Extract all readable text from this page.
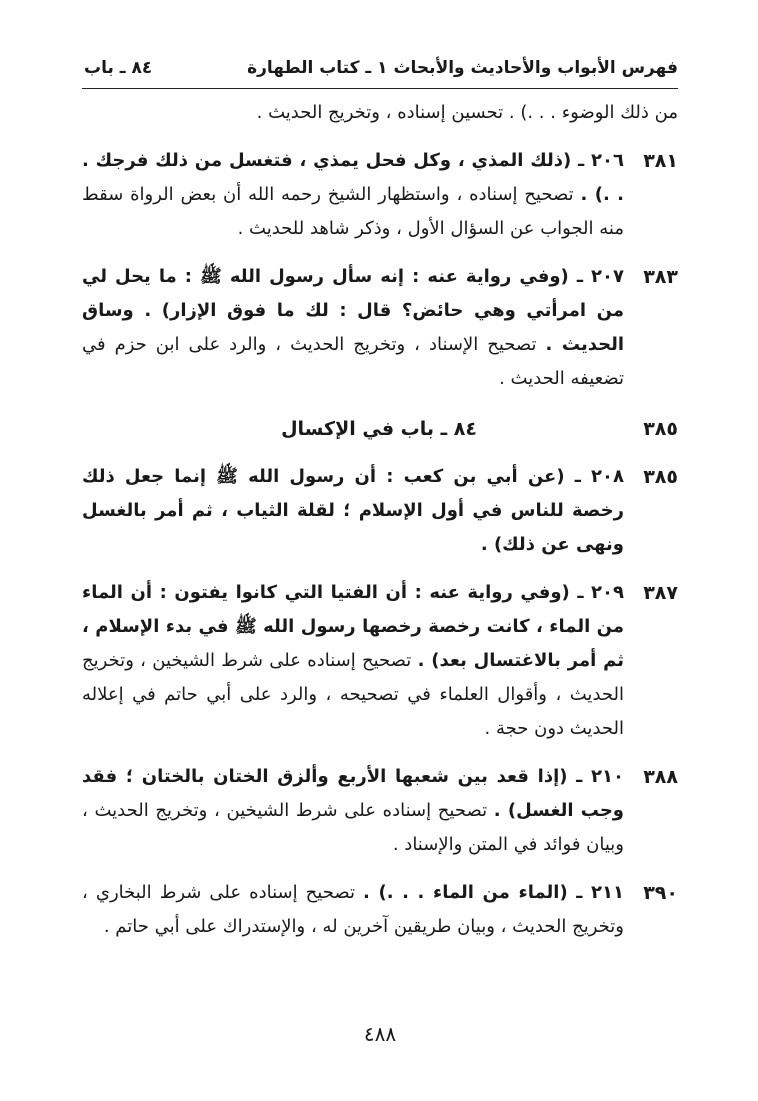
فهرس الأبواب والأحاديث والأبحاث ١ ـ كتاب الطهارة
٨٤ ـ باب
من ذلك الوضوء . . .) . تحسين إسناده ، وتخريج الحديث .
٣٨١
٢٠٦ ـ (ذلك المذي ، وكل فحل يمذي ، فتغسل من ذلك فرجك . . .) . تصحيح إسناده ، واستظهار الشيخ رحمه الله أن بعض الرواة سقط منه الجواب عن السؤال الأول ، وذكر شاهد للحديث .
٣٨٣
٢٠٧ ـ (وفي رواية عنه : إنه سأل رسول الله ﷺ : ما يحل لي من امرأتي وهي حائض؟ قال : لك ما فوق الإزار) . وساق الحديث . تصحيح الإسناد ، وتخريج الحديث ، والرد على ابن حزم في تضعيفه الحديث .
٣٨٥
٨٤ ـ باب في الإكسال
٣٨٥
٢٠٨ ـ (عن أبي بن كعب : أن رسول الله ﷺ إنما جعل ذلك رخصة للناس في أول الإسلام ؛ لقلة الثياب ، ثم أمر بالغسل ونهى عن ذلك) .
٣٨٧
٢٠٩ ـ (وفي رواية عنه : أن الفتيا التي كانوا يفتون : أن الماء من الماء ، كانت رخصة رخصها رسول الله ﷺ في بدء الإسلام ، ثم أمر بالاغتسال بعد) . تصحيح إسناده على شرط الشيخين ، وتخريج الحديث ، وأقوال العلماء في تصحيحه ، والرد على أبي حاتم في إعلاله الحديث دون حجة .
٣٨٨
٢١٠ ـ (إذا قعد بين شعبها الأربع وألزق الختان بالختان ؛ فقد وجب الغسل) . تصحيح إسناده على شرط الشيخين ، وتخريج الحديث ، وبيان فوائد في المتن والإسناد .
٣٩٠
٢١١ ـ (الماء من الماء . . .) . تصحيح إسناده على شرط البخاري ، وتخريج الحديث ، وبيان طريقين آخرين له ، والإستدراك على أبي حاتم .
٤٨٨
